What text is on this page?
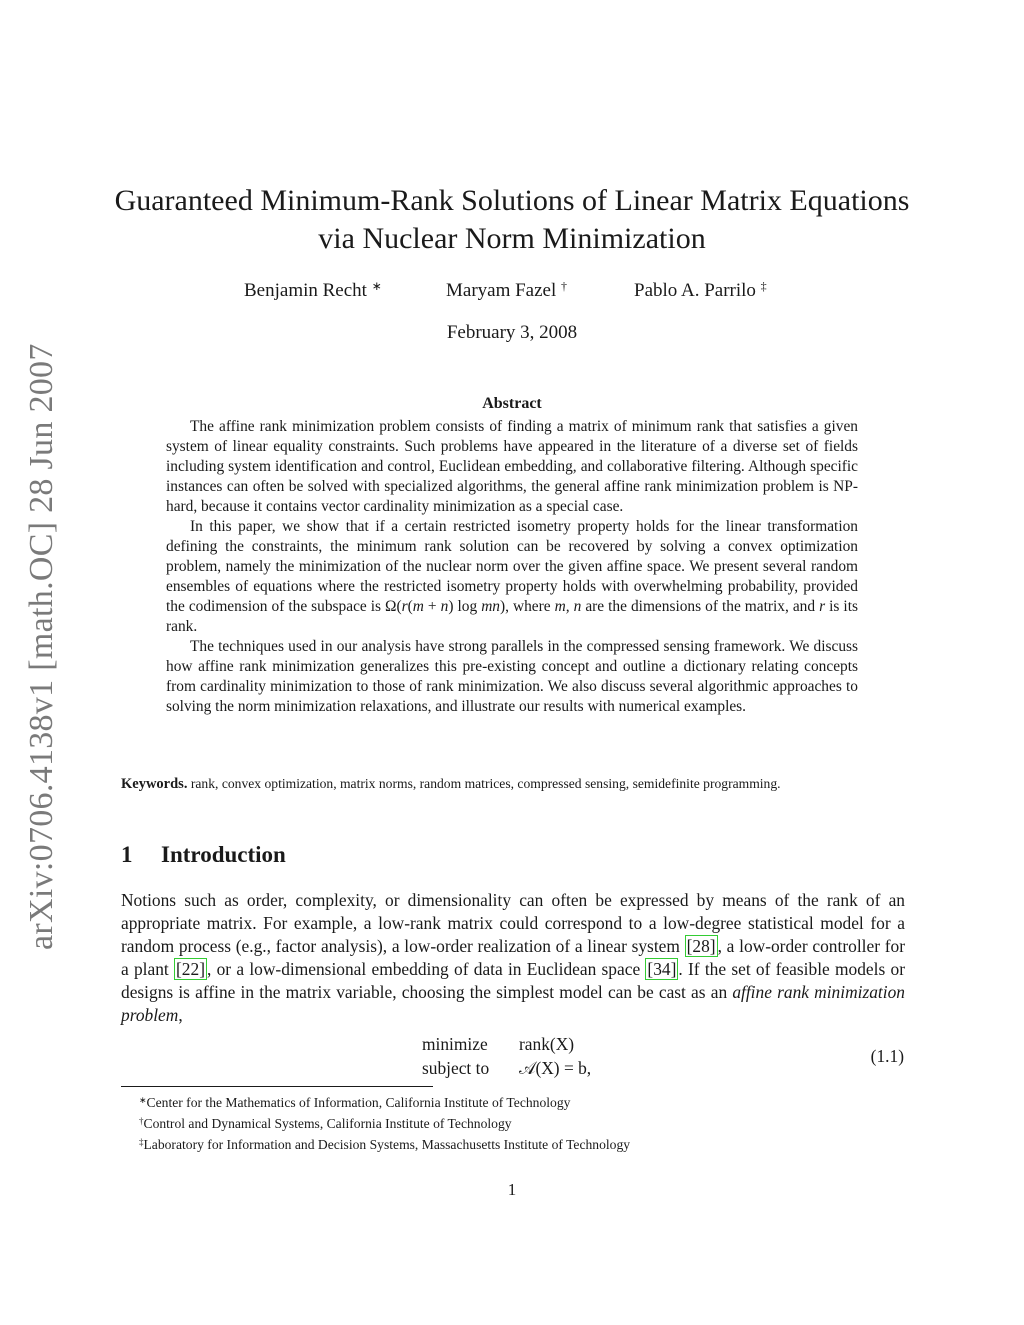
arXiv:0706.4138v1 [math.OC] 28 Jun 2007
Guaranteed Minimum-Rank Solutions of Linear Matrix Equations
via Nuclear Norm Minimization
Benjamin Recht ∗	Maryam Fazel †	Pablo A. Parrilo ‡
February 3, 2008
Abstract

The affine rank minimization problem consists of finding a matrix of minimum rank that satisfies a given system of linear equality constraints. Such problems have appeared in the literature of a diverse set of fields including system identification and control, Euclidean embedding, and collaborative filtering. Although specific instances can often be solved with specialized algorithms, the general affine rank minimization problem is NP-hard, because it contains vector cardinality minimization as a special case.

In this paper, we show that if a certain restricted isometry property holds for the linear transformation defining the constraints, the minimum rank solution can be recovered by solving a convex optimization problem, namely the minimization of the nuclear norm over the given affine space. We present several random ensembles of equations where the restricted isometry property holds with overwhelming probability, provided the codimension of the subspace is Ω(r(m + n) log mn), where m, n are the dimensions of the matrix, and r is its rank.

The techniques used in our analysis have strong parallels in the compressed sensing framework. We discuss how affine rank minimization generalizes this pre-existing concept and outline a dictionary relating concepts from cardinality minimization to those of rank minimization. We also discuss several algorithmic approaches to solving the norm minimization relaxations, and illustrate our results with numerical examples.

Keywords. rank, convex optimization, matrix norms, random matrices, compressed sensing, semidefinite programming.
1 Introduction

Notions such as order, complexity, or dimensionality can often be expressed by means of the rank of an appropriate matrix. For example, a low-rank matrix could correspond to a low-degree statistical model for a random process (e.g., factor analysis), a low-order realization of a linear system [28] , a low-order controller for a plant [22] , or a low-dimensional embedding of data in Euclidean space [34] . If the set of feasible models or designs is affine in the matrix variable, choosing the simplest model can be cast as an affine rank minimization problem,

minimize rank(X)
subject to 𝒜(X) = b,
(1.1)
∗Center for the Mathematics of Information, California Institute of Technology
†Control and Dynamical Systems, California Institute of Technology
‡Laboratory for Information and Decision Systems, Massachusetts Institute of Technology
1
